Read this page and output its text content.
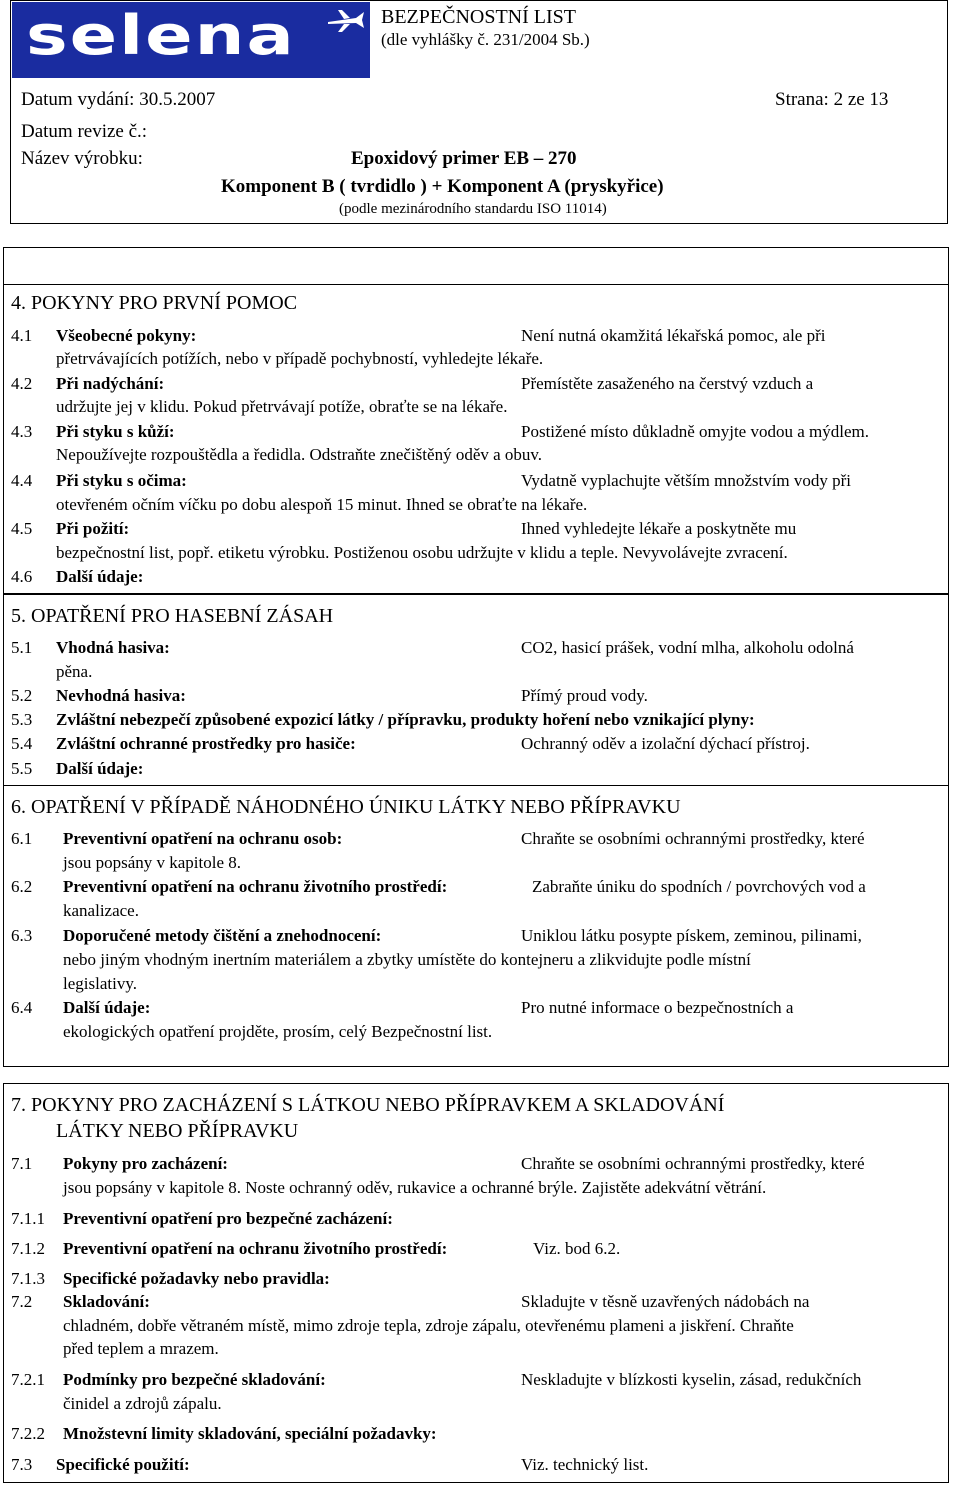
selena	BEZPEČNOSTNÍ LIST
(dle vyhlášky č. 231/2004 Sb.)
Datum vydání: 30.5.2007	Strana: 2 ze 13
Datum revize č.:
Název výrobku:	Epoxidový primer EB – 270
Komponent B ( tvrdidlo ) + Komponent A (pryskyřice)
(podle mezinárodního standardu ISO 11014)
4. POKYNY PRO PRVNÍ POMOC
4.1 Všeobecné pokyny:	Není nutná okamžitá lékařská pomoc, ale při
přetrvávajících potížích, nebo v případě pochybností, vyhledejte lékaře.
4.2 Při nadýchání:	Přemístěte zasaženého na čerstvý vzduch a
udržujte jej v klidu. Pokud přetrvávají potíže, obraťte se na lékaře.
4.3 Při styku s kůží:	Postižené místo důkladně omyjte vodou a mýdlem.
Nepoužívejte rozpouštědla a ředidla. Odstraňte znečištěný oděv a obuv.
4.4 Při styku s očima:	Vydatně vyplachujte větším množstvím vody při
otevřeném očním víčku po dobu alespoň 15 minut. Ihned se obraťte na lékaře.
4.5 Při požití:	Ihned vyhledejte lékaře a poskytněte mu
bezpečnostní list, popř. etiketu výrobku. Postiženou osobu udržujte v klidu a teple. Nevyvolávejte zvracení.
4.6 Další údaje:
5. OPATŘENÍ PRO HASEBNÍ ZÁSAH
5.1 Vhodná hasiva:	CO2, hasicí prášek, vodní mlha, alkoholu odolná
pěna.
5.2 Nevhodná hasiva:	Přímý proud vody.
5.3 Zvláštní nebezpečí způsobené expozicí látky / přípravku, produkty hoření nebo vznikající plyny:
5.4 Zvláštní ochranné prostředky pro hasiče:	Ochranný oděv a izolační dýchací přístroj.
5.5 Další údaje:
6. OPATŘENÍ V PŘÍPADĚ NÁHODNÉHO ÚNIKU LÁTKY NEBO PŘÍPRAVKU
6.1 Preventivní opatření na ochranu osob:	Chraňte se osobními ochrannými prostředky, které
jsou popsány v kapitole 8.
6.2 Preventivní opatření na ochranu životního prostředí:	Zabraňte úniku do spodních / povrchových vod a
kanalizace.
6.3 Doporučené metody čištění a znehodnocení:	Uniklou látku posypte pískem, zeminou, pilinami,
nebo jiným vhodným inertním materiálem a zbytky umístěte do kontejneru a zlikvidujte podle místní
legislativy.
6.4 Další údaje:	Pro nutné informace o bezpečnostních a
ekologických opatření projděte, prosím, celý Bezpečnostní list.
7. POKYNY PRO ZACHÁZENÍ S LÁTKOU NEBO PŘÍPRAVKEM A SKLADOVÁNÍ
LÁTKY NEBO PŘÍPRAVKU
7.1 Pokyny pro zacházení:	Chraňte se osobními ochrannými prostředky, které
jsou popsány v kapitole 8. Noste ochranný oděv, rukavice a ochranné brýle. Zajistěte adekvátní větrání.
7.1.1 Preventivní opatření pro bezpečné zacházení:
7.1.2 Preventivní opatření na ochranu životního prostředí:	Viz. bod 6.2.
7.1.3 Specifické požadavky nebo pravidla:
7.2 Skladování:	Skladujte v těsně uzavřených nádobách na
chladném, dobře větraném místě, mimo zdroje tepla, zdroje zápalu, otevřenému plameni a jiskření. Chraňte
před teplem a mrazem.
7.2.1 Podmínky pro bezpečné skladování:	Neskladujte v blízkosti kyselin, zásad, redukčních
činidel a zdrojů zápalu.
7.2.2 Množstevní limity skladování, speciální požadavky:
7.3 Specifické použití:	Viz. technický list.
